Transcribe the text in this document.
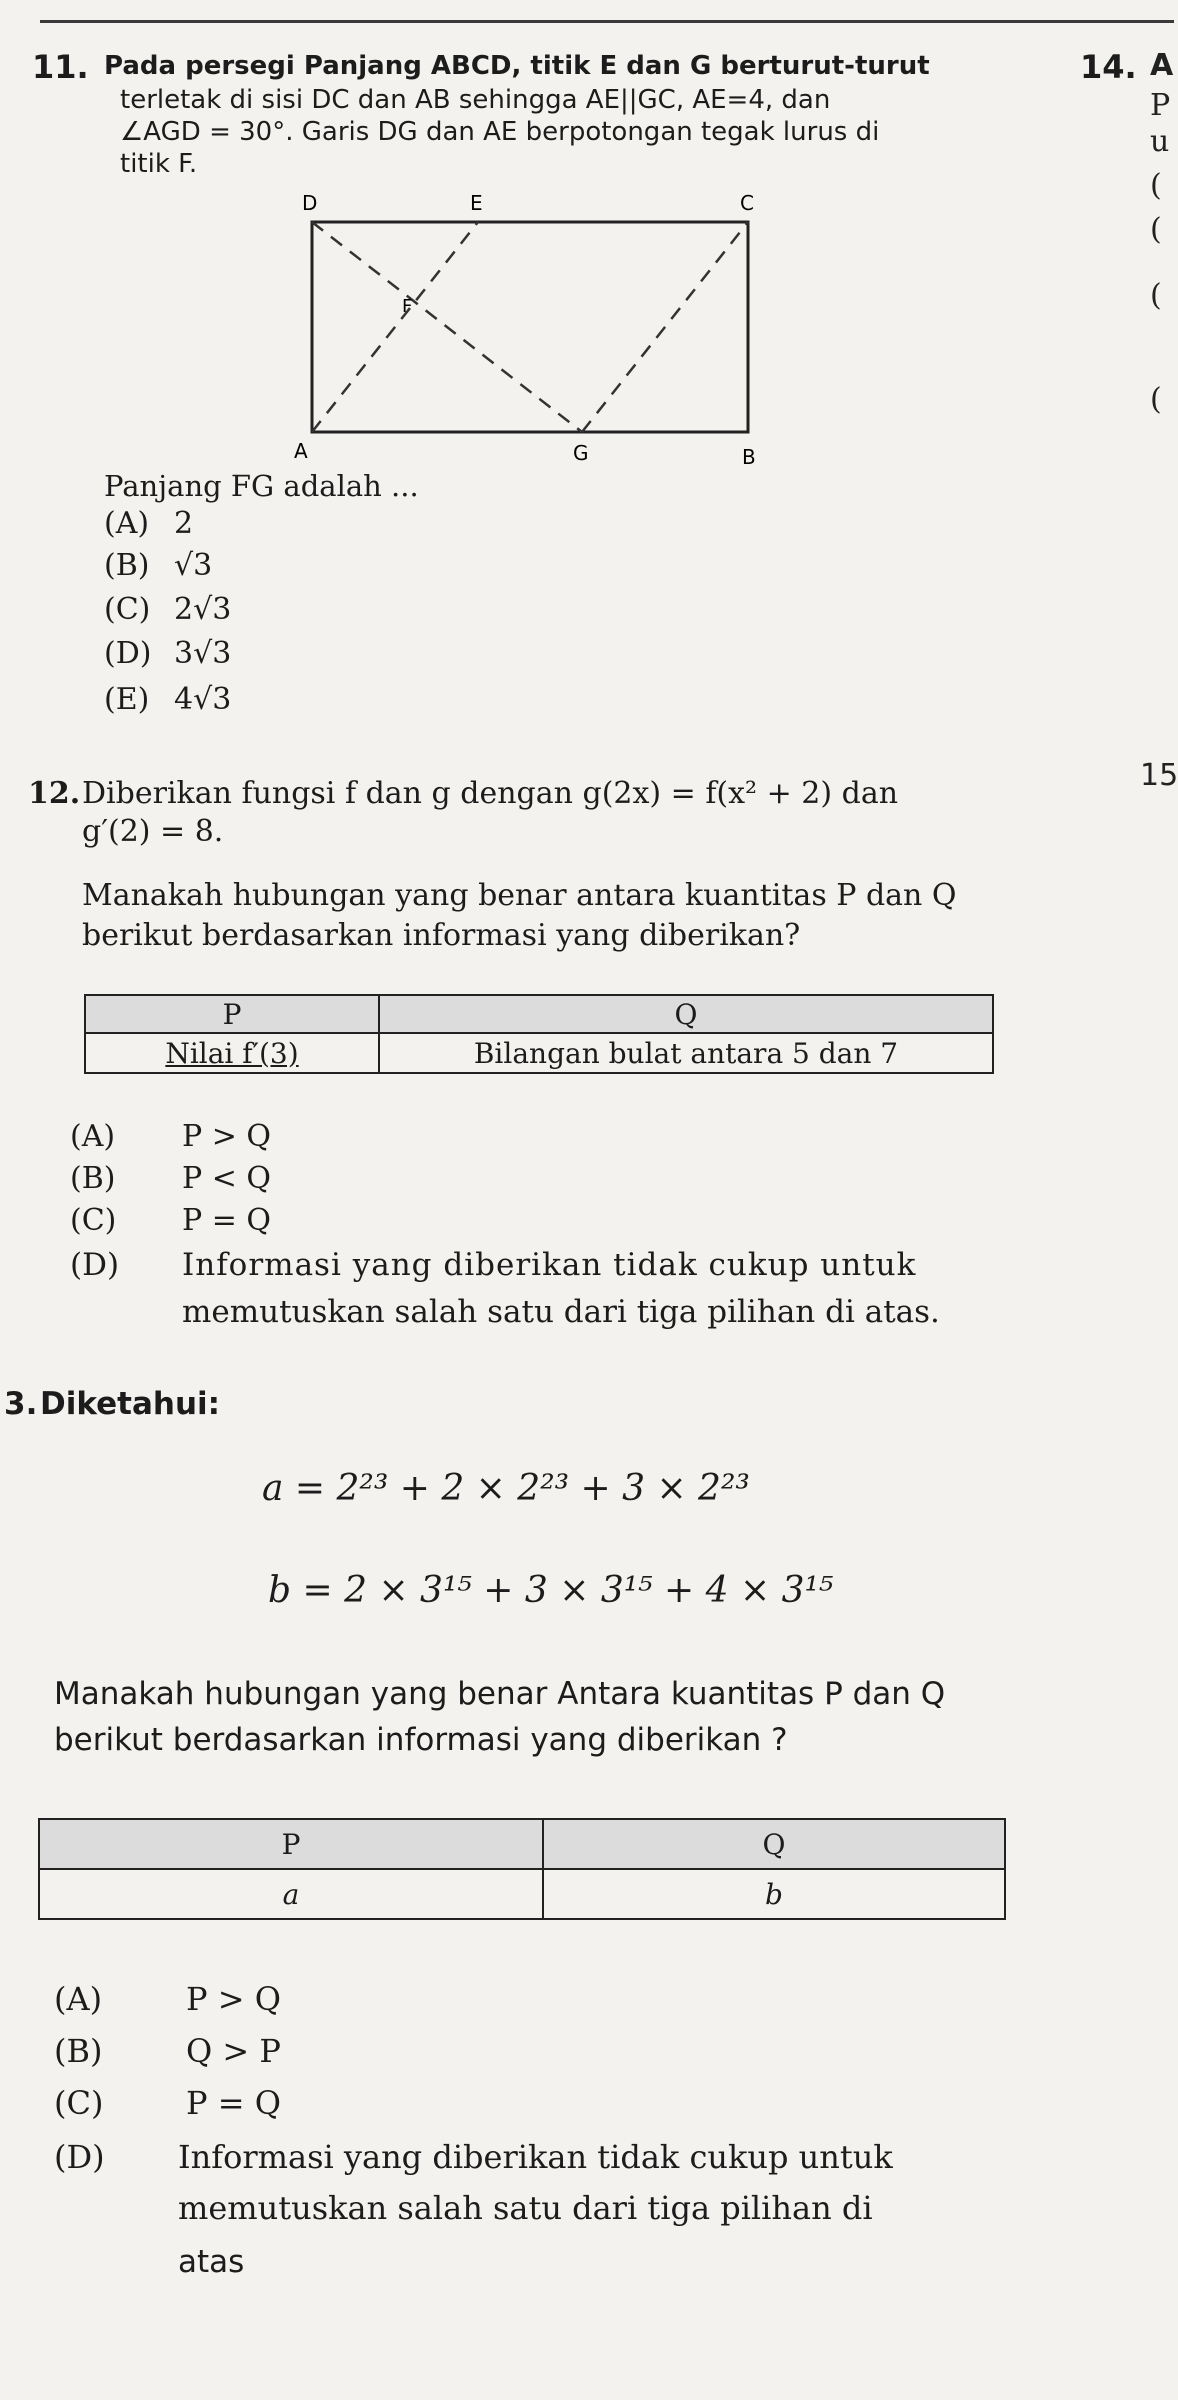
14. A
P
u
(
(
(
(
15
11. Pada persegi Panjang ABCD, titik E dan G berturut-turut
terletak di sisi DC dan AB sehingga AE||GC, AE=4, dan
∠AGD = 30°. Garis DG dan AE berpotongan tegak lurus di
titik F.
D	E	C
F
A	G	B
Panjang FG adalah ...
(A) 2
(B) √3
(C) 2√3
(D) 3√3
(E) 4√3
12. Diberikan fungsi f dan g dengan g(2x) = f(x² + 2) dan
g′(2) = 8.
Manakah hubungan yang benar antara kuantitas P dan Q
berikut berdasarkan informasi yang diberikan?
P	Q
Nilai f′(3)	Bilangan bulat antara 5 dan 7
(A) P > Q
(B) P < Q
(C) P = Q
(D) Informasi yang diberikan tidak cukup untuk
memutuskan salah satu dari tiga pilihan di atas.
3. Diketahui:
a = 2²³ + 2 × 2²³ + 3 × 2²³
b = 2 × 3¹⁵ + 3 × 3¹⁵ + 4 × 3¹⁵
Manakah hubungan yang benar Antara kuantitas P dan Q
berikut berdasarkan informasi yang diberikan ?
P	Q
a	b
(A)	P > Q
(B)	Q > P
(C)	P = Q
(D) Informasi yang diberikan tidak cukup untuk
memutuskan salah satu dari tiga pilihan di
atas
